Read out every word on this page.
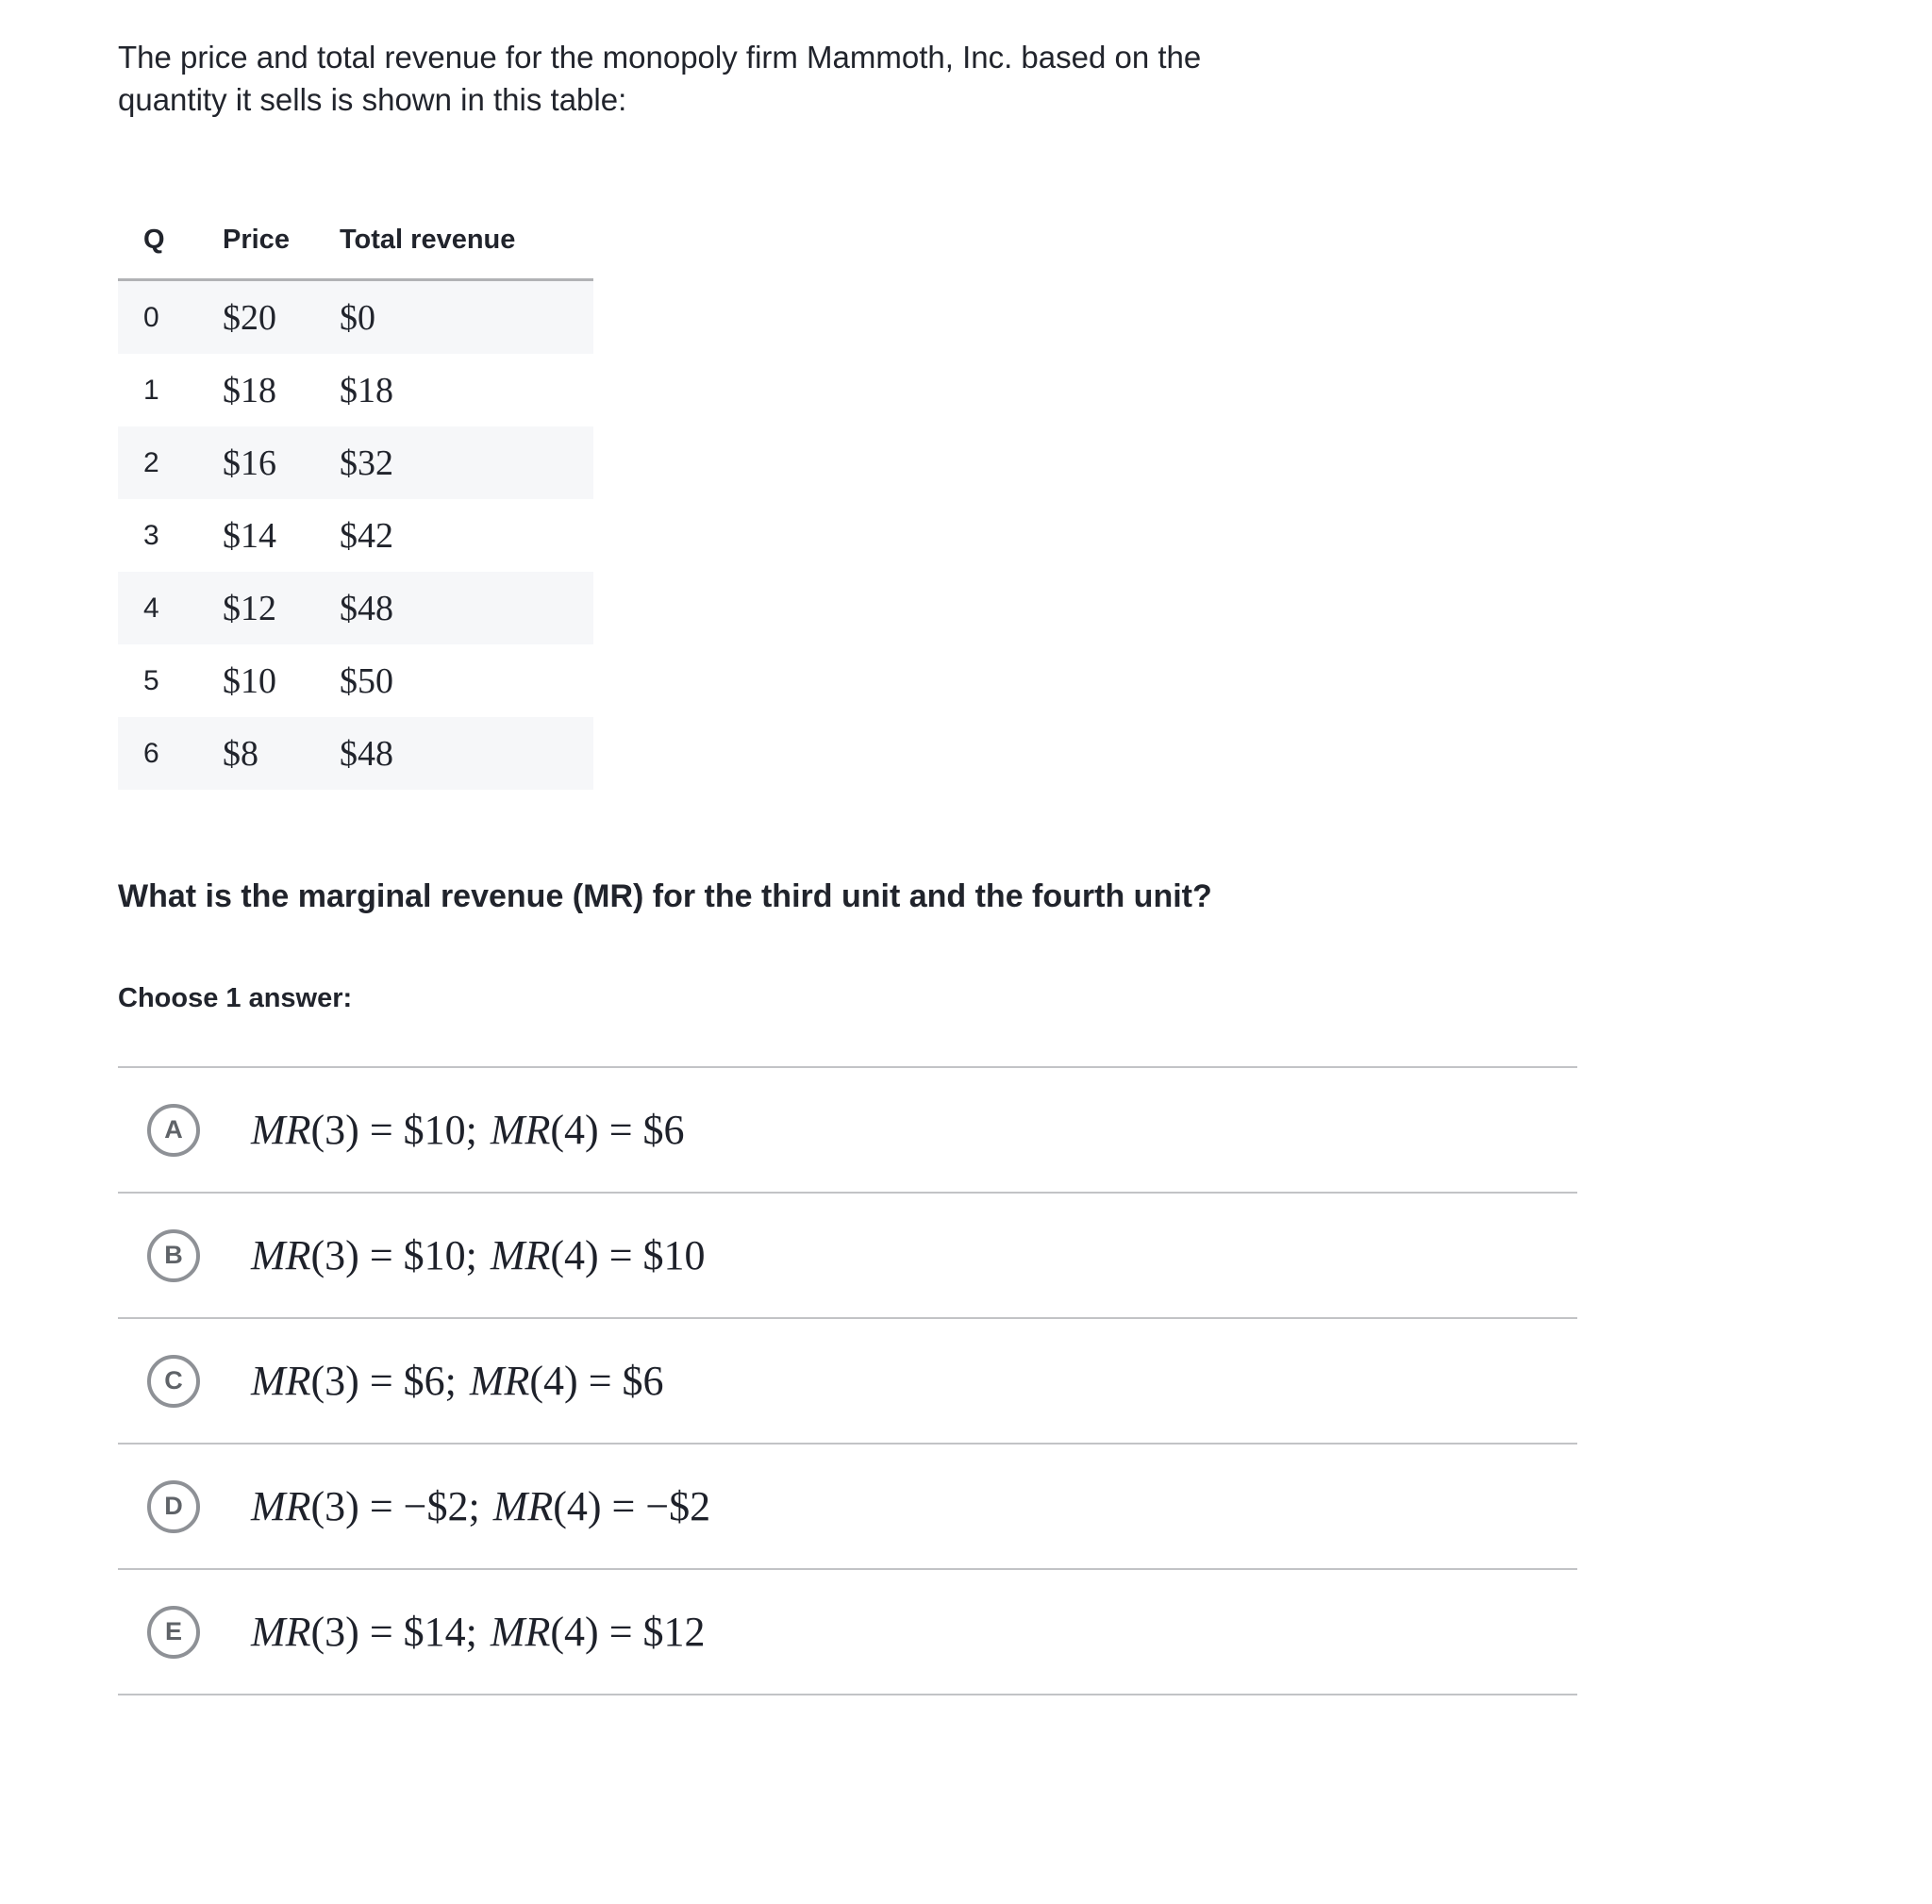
The price and total revenue for the monopoly firm Mammoth, Inc. based on the quantity it sells is shown in this table:
Q	Price	Total revenue
0	$20	$0
1	$18	$18
2	$16	$32
3	$14	$42
4	$12	$48
5	$10	$50
6	$8	$48
What is the marginal revenue (MR) for the third unit and the fourth unit?
Choose 1 answer:
A MR(3) = $10; MR(4) = $6
B MR(3) = $10; MR(4) = $10
C MR(3) = $6; MR(4) = $6
D MR(3) = −$2; MR(4) = −$2
E MR(3) = $14; MR(4) = $12
